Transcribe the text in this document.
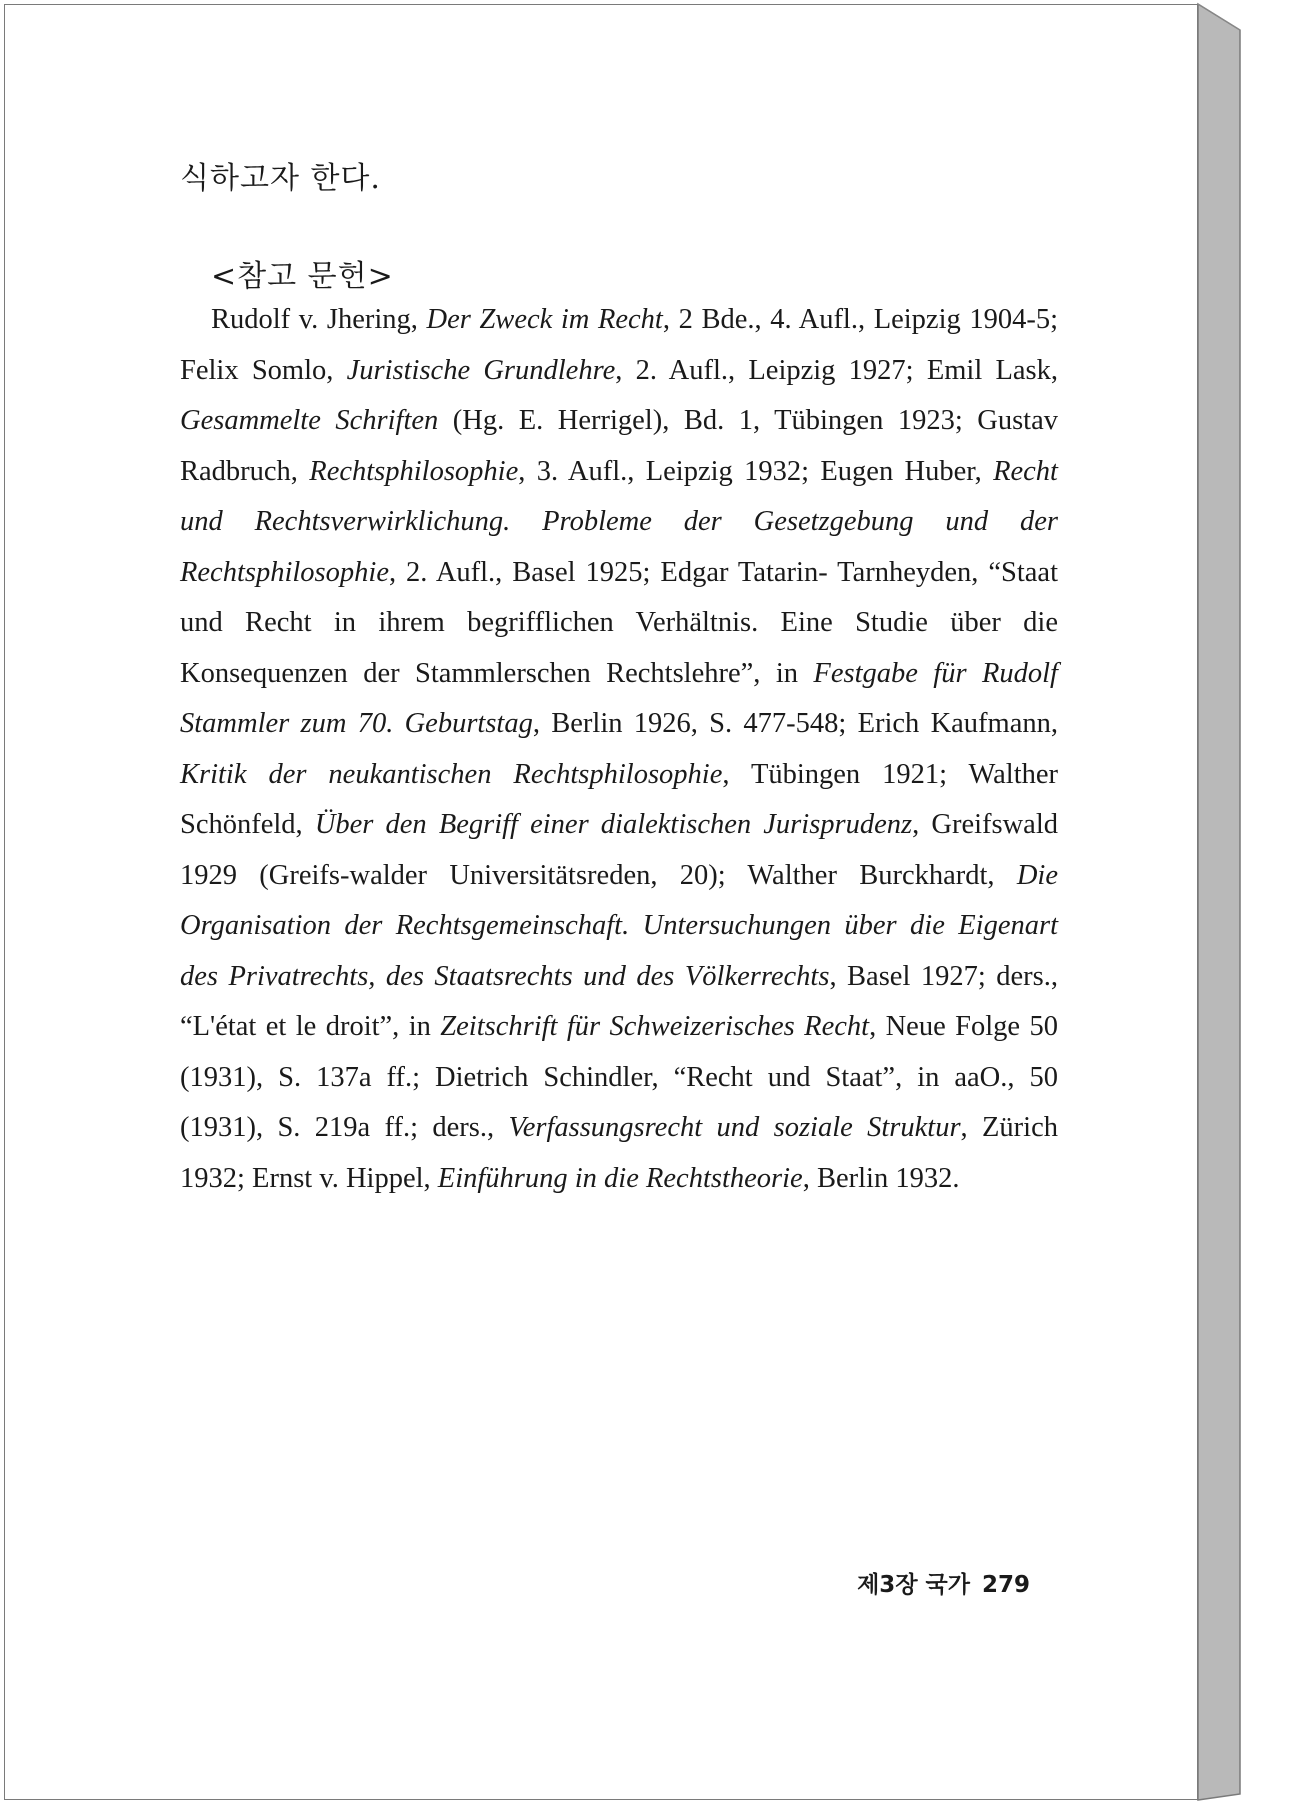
식하고자 한다.
<참고 문헌>

Rudolf v. Jhering, Der Zweck im Recht, 2 Bde., 4. Aufl., Leipzig 1904-5; Felix Somlo, Juristische Grundlehre, 2. Aufl., Leipzig 1927; Emil Lask, Gesammelte Schriften (Hg. E. Herrigel), Bd. 1, Tübingen 1923; Gustav Radbruch, Rechtsphilosophie, 3. Aufl., Leipzig 1932; Eugen Huber, Recht und Rechtsverwirklichung. Probleme der Gesetzgebung und der Rechtsphilosophie, 2. Aufl., Basel 1925; Edgar Tatarin- Tarnheyden, “Staat und Recht in ihrem begrifflichen Verhältnis. Eine Studie über die Konsequenzen der Stammlerschen Rechtslehre”, in Festgabe für Rudolf Stammler zum 70. Geburtstag, Berlin 1926, S. 477-548; Erich Kaufmann, Kritik der neukantischen Rechtsphilosophie, Tübingen 1921; Walther Schönfeld, Über den Begriff einer dialektischen Jurisprudenz, Greifswald 1929 (Greifs-walder Universitätsreden, 20); Walther Burckhardt, Die Organisation der Rechtsgemeinschaft. Untersuchungen über die Eigenart des Privatrechts, des Staatsrechts und des Völkerrechts, Basel 1927; ders., “L'état et le droit”, in Zeitschrift für Schweizerisches Recht, Neue Folge 50 (1931), S. 137a ff.; Dietrich Schindler, “Recht und Staat”, in aaO., 50 (1931), S. 219a ff.; ders., Verfassungsrecht und soziale Struktur, Zürich 1932; Ernst v. Hippel, Einführung in die Rechtstheorie, Berlin 1932.

제3장 국가 279
